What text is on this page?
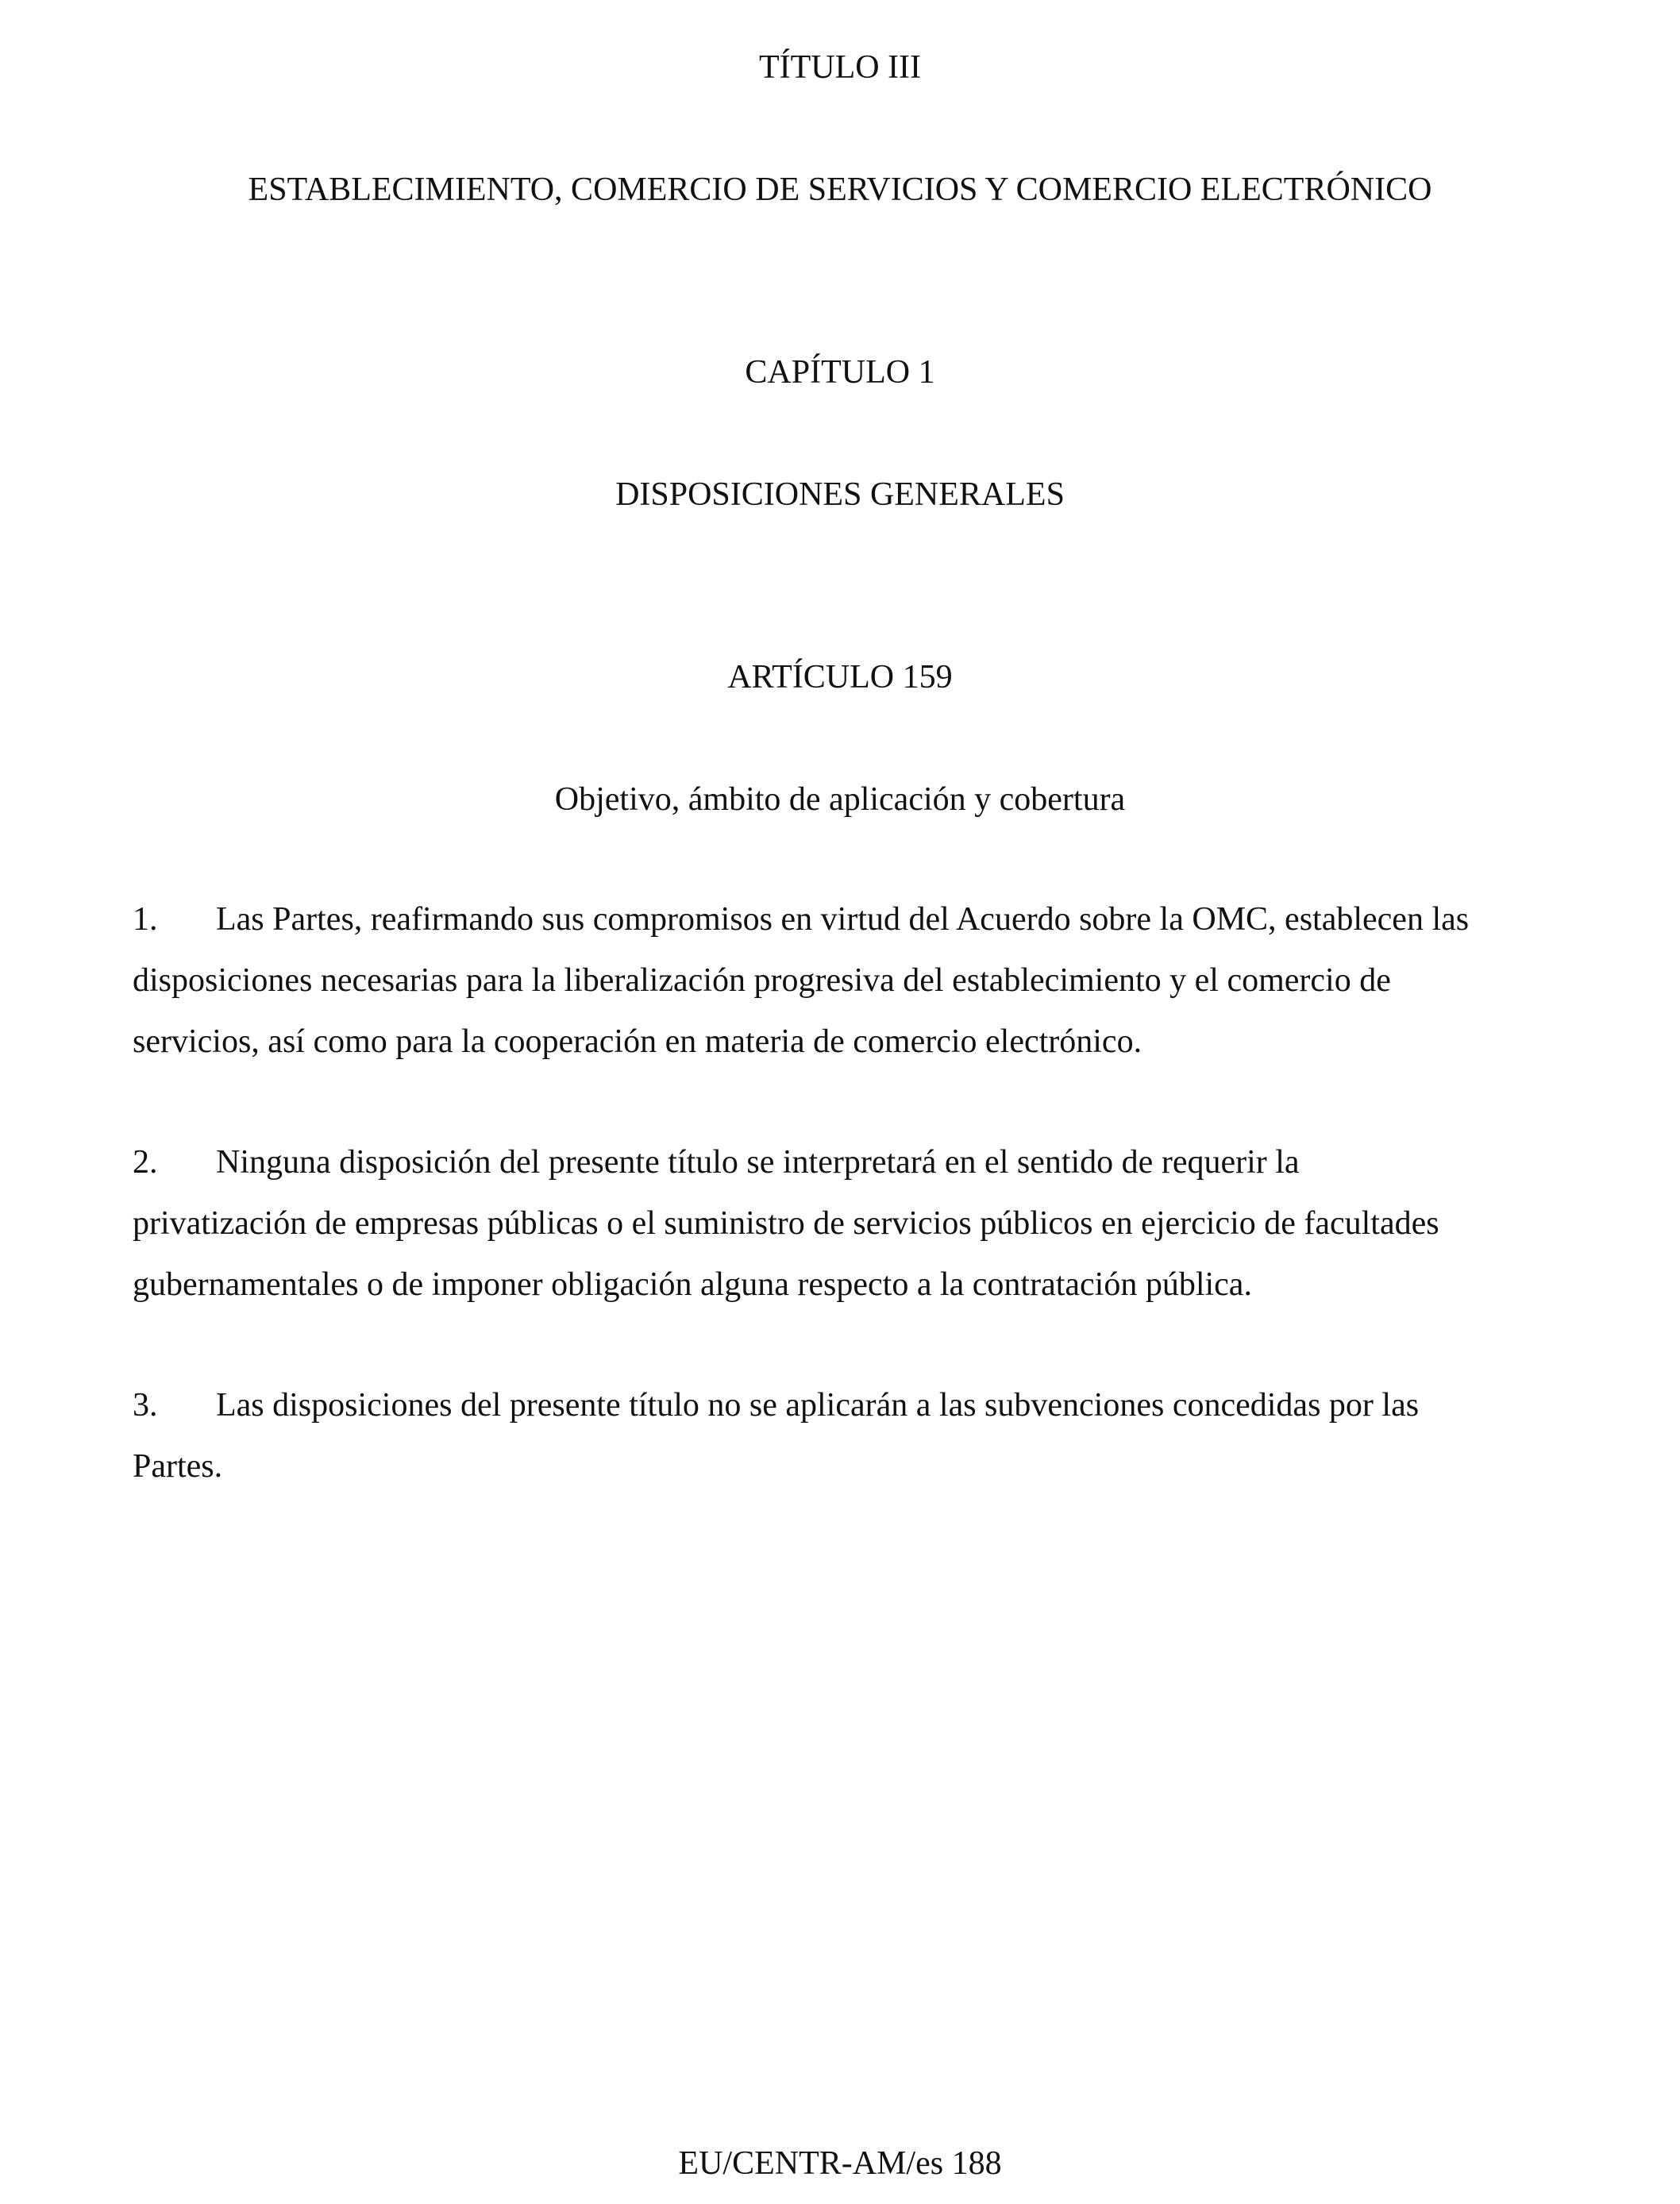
TÍTULO III
ESTABLECIMIENTO, COMERCIO DE SERVICIOS Y COMERCIO ELECTRÓNICO
CAPÍTULO 1
DISPOSICIONES GENERALES
ARTÍCULO 159
Objetivo, ámbito de aplicación y cobertura
1. Las Partes, reafirmando sus compromisos en virtud del Acuerdo sobre la OMC, establecen las
disposiciones necesarias para la liberalización progresiva del establecimiento y el comercio de
servicios, así como para la cooperación en materia de comercio electrónico.
2. Ninguna disposición del presente título se interpretará en el sentido de requerir la
privatización de empresas públicas o el suministro de servicios públicos en ejercicio de facultades
gubernamentales o de imponer obligación alguna respecto a la contratación pública.
3. Las disposiciones del presente título no se aplicarán a las subvenciones concedidas por las
Partes.
EU/CENTR-AM/es 188
